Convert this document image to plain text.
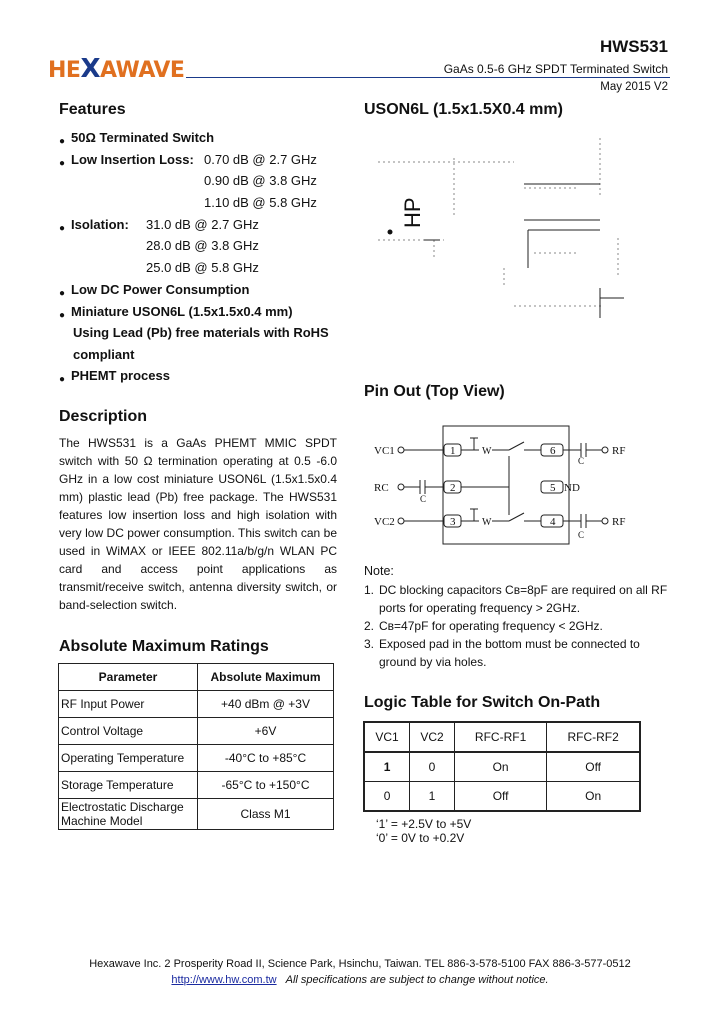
HEXAWAVE
HWS531
GaAs 0.5-6 GHz SPDT Terminated Switch
May 2015 V2
Features
● 50Ω Terminated Switch
● Low Insertion Loss: 0.70 dB @ 2.7 GHz
0.90 dB @ 3.8 GHz
1.10 dB @ 5.8 GHz
● Isolation: 31.0 dB @ 2.7 GHz
28.0 dB @ 3.8 GHz
25.0 dB @ 5.8 GHz
● Low DC Power Consumption
● Miniature USON6L (1.5x1.5x0.4 mm)
Using Lead (Pb) free materials with RoHS
compliant
● PHEMT process
Description
The HWS531 is a GaAs PHEMT MMIC SPDT switch with 50 Ω termination operating at 0.5 -6.0 GHz in a low cost miniature USON6L (1.5x1.5x0.4 mm) plastic lead (Pb) free package. The HWS531 features low insertion loss and high isolation with very low DC power consumption. This switch can be used in WiMAX or IEEE 802.11a/b/g/n WLAN PC card and access point applications as transmit/receive switch, antenna diversity switch, or band-selection switch.
Absolute Maximum Ratings
Parameter	Absolute Maximum
RF Input Power	+40 dBm @ +3V
Control Voltage	+6V
Operating Temperature	-40°C to +85°C
Storage Temperature	-65°C to +150°C
Electrostatic Discharge Machine Model	Class M1
USON6L (1.5x1.5X0.4 mm)
HP
Pin Out (Top View)
1
2
3
6
5
4
VC1
RC
VC2
RF
ND
RF
C
C
C
W
W
Note:
1. DC blocking capacitors Cʙ=8pF are required on all RF ports for operating frequency > 2GHz.
2. Cʙ=47pF for operating frequency < 2GHz.
3. Exposed pad in the bottom must be connected to ground by via holes.
Logic Table for Switch On-Path
VC1	VC2	RFC-RF1	RFC-RF2
1	0	On	Off
0	1	Off	On
‘1’ = +2.5V to +5V
‘0’ = 0V to +0.2V
Hexawave Inc. 2 Prosperity Road II, Science Park, Hsinchu, Taiwan. TEL 886-3-578-5100 FAX 886-3-577-0512
http://www.hw.com.tw All specifications are subject to change without notice.
